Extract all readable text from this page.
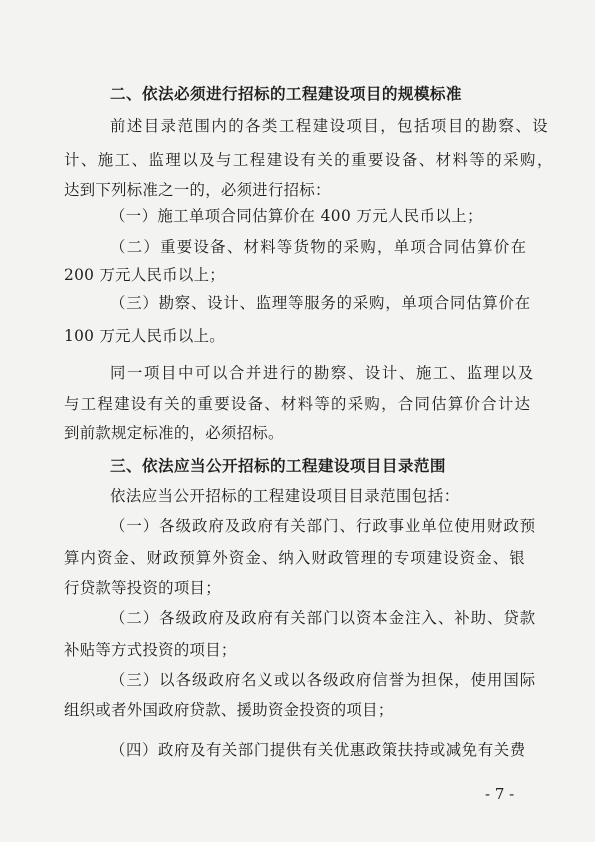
二、依法必须进行招标的工程建设项目的规模标准
前述目录范围内的各类工程建设项目，包括项目的勘察、设
计、施工、监理以及与工程建设有关的重要设备、材料等的采购，
达到下列标准之一的，必须进行招标：
（一）施工单项合同估算价在 400 万元人民币以上；
（二）重要设备、材料等货物的采购，单项合同估算价在
200 万元人民币以上；
（三）勘察、设计、监理等服务的采购，单项合同估算价在
100 万元人民币以上。
同一项目中可以合并进行的勘察、设计、施工、监理以及
与工程建设有关的重要设备、材料等的采购，合同估算价合计达
到前款规定标准的，必须招标。
三、依法应当公开招标的工程建设项目目录范围
依法应当公开招标的工程建设项目目录范围包括：
（一）各级政府及政府有关部门、行政事业单位使用财政预
算内资金、财政预算外资金、纳入财政管理的专项建设资金、银
行贷款等投资的项目；
（二）各级政府及政府有关部门以资本金注入、补助、贷款
补贴等方式投资的项目；
（三）以各级政府名义或以各级政府信誉为担保，使用国际
组织或者外国政府贷款、援助资金投资的项目；
（四）政府及有关部门提供有关优惠政策扶持或减免有关费
- 7 -
